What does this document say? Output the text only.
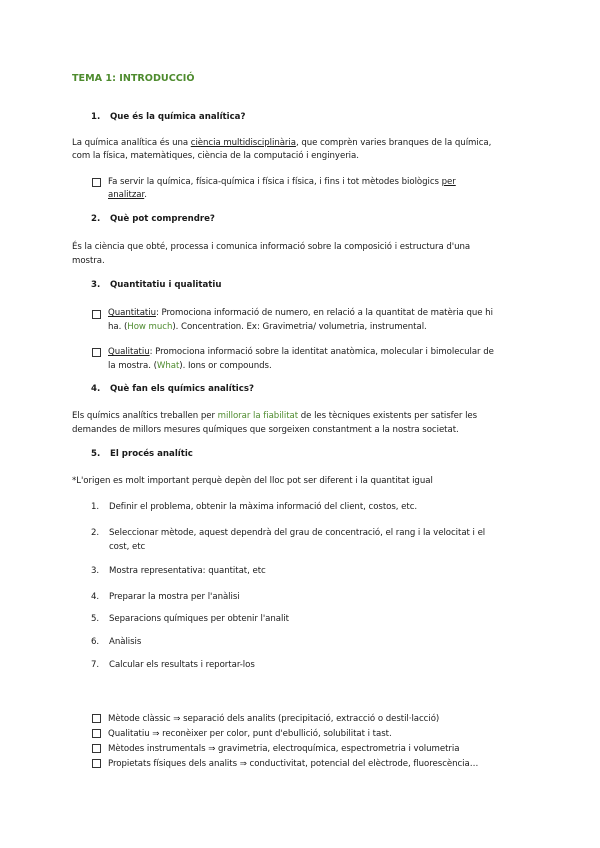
TEMA 1: INTRODUCCIÓ
1. Que és la química analítica?
La química analítica és una ciència multidisciplinària, que comprèn varies branques de la química,
com la física, matemàtiques, ciència de la computació i enginyeria.
Fa servir la química, física-química i física i física, i fins i tot mètodes biològics per
analitzar.
2. Què pot comprendre?
És la ciència que obté, processa i comunica informació sobre la composició i estructura d'una
mostra.
3. Quantitatiu i qualitatiu
Quantitatiu: Promociona informació de numero, en relació a la quantitat de matèria que hi
ha. (How much). Concentration. Ex: Gravimetria/ volumetria, instrumental.
Qualitatiu: Promociona informació sobre la identitat anatòmica, molecular i bimolecular de
la mostra. (What). Ions or compounds.
4. Què fan els químics analítics?
Els químics analítics treballen per millorar la fiabilitat de les tècniques existents per satisfer les
demandes de millors mesures químiques que sorgeixen constantment a la nostra societat.
5. El procés analític
*L'origen es molt important perquè depèn del lloc pot ser diferent i la quantitat igual
1.	Definir el problema, obtenir la màxima informació del client, costos, etc.
2.	Seleccionar mètode, aquest dependrà del grau de concentració, el rang i la velocitat i el
cost, etc
3.	Mostra representativa: quantitat, etc
4.	Preparar la mostra per l'anàlisi
5.	Separacions químiques per obtenir l'analit
6.	Anàlisis
7.	Calcular els resultats i reportar-los
Mètode clàssic ⇒ separació dels analits (precipitació, extracció o destil·lacció)
Qualitatiu ⇒ reconèixer per color, punt d'ebullició, solubilitat i tast.
Mètodes instrumentals ⇒ gravimetria, electroquímica, espectrometria i volumetria
Propietats físiques dels analits ⇒ conductivitat, potencial del elèctrode, fluorescència…
